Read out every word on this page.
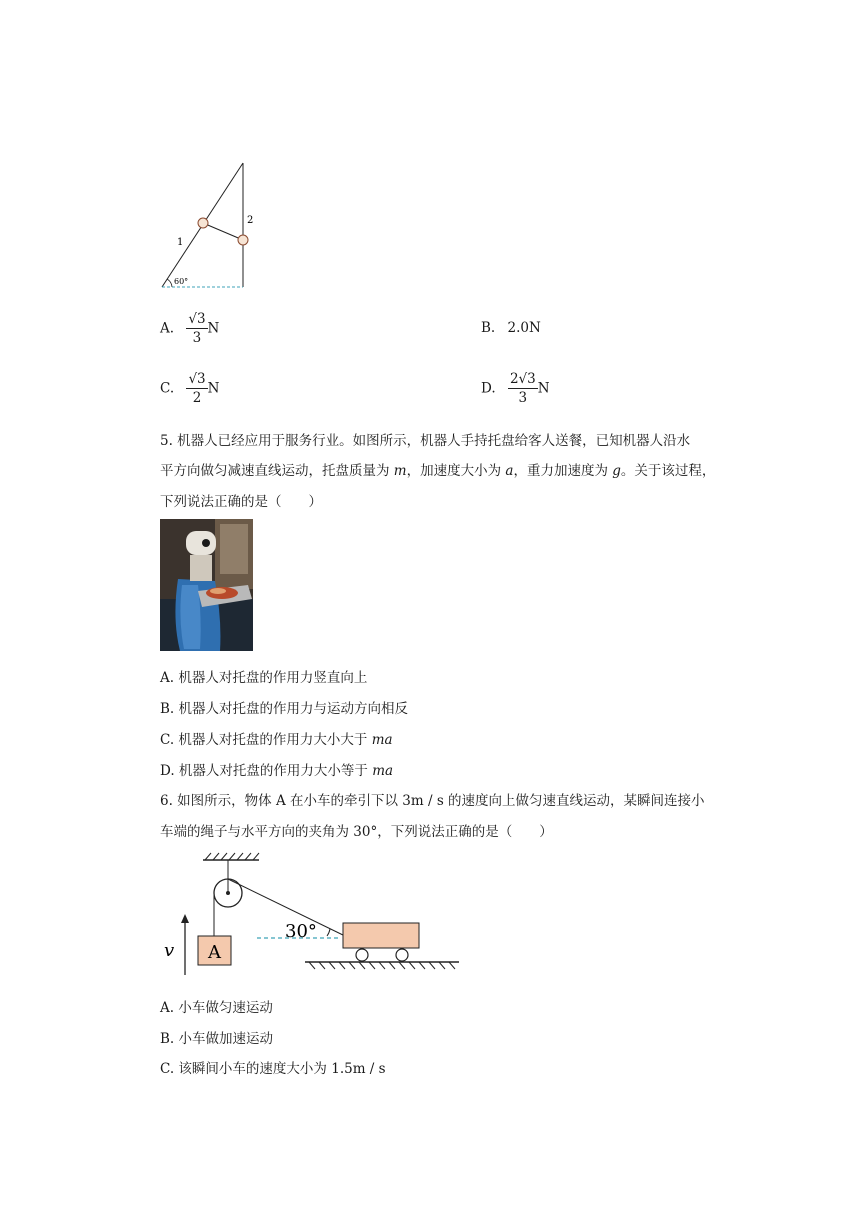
1
2
60°
A. $\frac{√3}{3}$ N	B. 2.0N
C. $\frac{√3}{2}$ N	D. $\frac{2√3}{3}$ N
5. 机器人已经应用于服务行业。如图所示，机器人手持托盘给客人送餐，已知机器人沿水
平方向做匀减速直线运动，托盘质量为 m，加速度大小为 a，重力加速度为 g。关于该过程，
下列说法正确的是（　　）
A. 机器人对托盘的作用力竖直向上
B. 机器人对托盘的作用力与运动方向相反
C. 机器人对托盘的作用力大小大于 ma
D. 机器人对托盘的作用力大小等于 ma
6. 如图所示，物体 A 在小车的牵引下以 3m / s 的速度向上做匀速直线运动，某瞬间连接小
车端的绳子与水平方向的夹角为 30°，下列说法正确的是（　　）
A
v
30°
A. 小车做匀速运动
B. 小车做加速运动
C. 该瞬间小车的速度大小为 1.5m / s
